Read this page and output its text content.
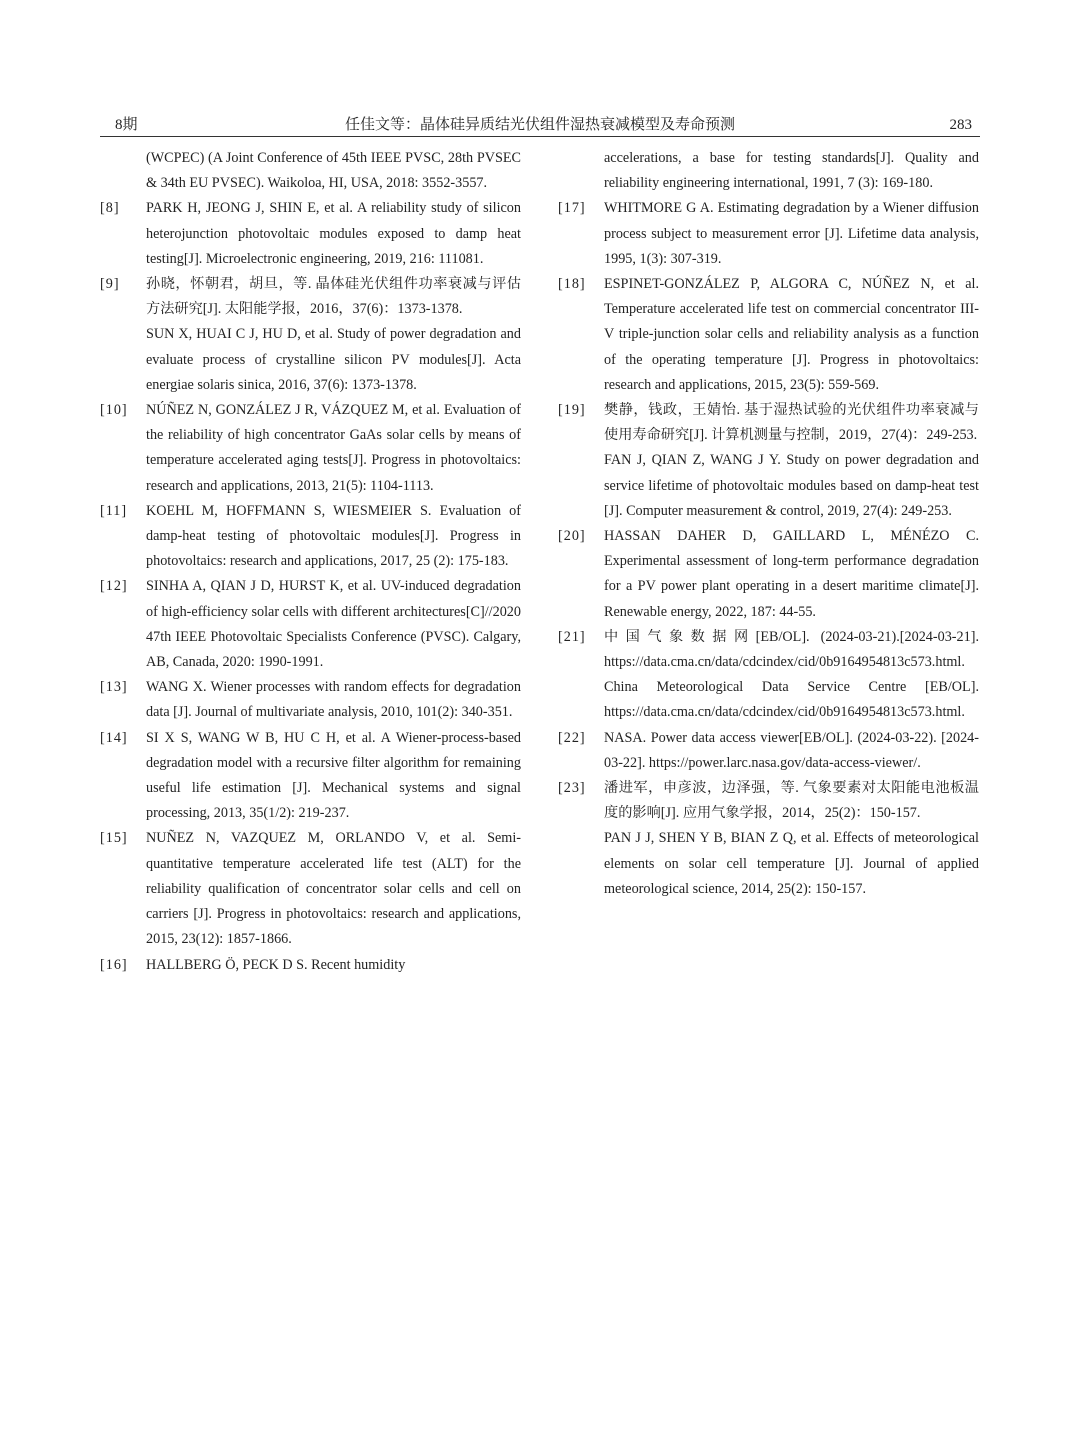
8期	任佳文等：晶体硅异质结光伏组件湿热衰减模型及寿命预测	283

(WCPEC) (A Joint Conference of 45th IEEE PVSC, 28th PVSEC & 34th EU PVSEC). Waikoloa, HI, USA, 2018: 3552-3557.

[8]	PARK H, JEONG J, SHIN E, et al. A reliability study of silicon heterojunction photovoltaic modules exposed to damp heat testing[J]. Microelectronic engineering, 2019, 216: 111081.

[9]	孙晓，怀朝君，胡旦，等. 晶体硅光伏组件功率衰减与评估方法研究[J]. 太阳能学报，2016，37(6)：1373-1378.

SUN X, HUAI C J, HU D, et al. Study of power degradation and evaluate process of crystalline silicon PV modules[J]. Acta energiae solaris sinica, 2016, 37(6): 1373-1378.

[10]	NÚÑEZ N, GONZÁLEZ J R, VÁZQUEZ M, et al. Evaluation of the reliability of high concentrator GaAs solar cells by means of temperature accelerated aging tests[J]. Progress in photovoltaics: research and applications, 2013, 21(5): 1104-1113.

[11]	KOEHL M, HOFFMANN S, WIESMEIER S. Evaluation of damp-heat testing of photovoltaic modules[J]. Progress in photovoltaics: research and applications, 2017, 25 (2): 175-183.

[12]	SINHA A, QIAN J D, HURST K, et al. UV-induced degradation of high-efficiency solar cells with different architectures[C]//2020 47th IEEE Photovoltaic Specialists Conference (PVSC). Calgary, AB, Canada, 2020: 1990-1991.

[13]	WANG X. Wiener processes with random effects for degradation data [J]. Journal of multivariate analysis, 2010, 101(2): 340-351.

[14]	SI X S, WANG W B, HU C H, et al. A Wiener-process-based degradation model with a recursive filter algorithm for remaining useful life estimation [J]. Mechanical systems and signal processing, 2013, 35(1/2): 219-237.

[15]	NUÑEZ N, VAZQUEZ M, ORLANDO V, et al. Semi-quantitative temperature accelerated life test (ALT) for the reliability qualification of concentrator solar cells and cell on carriers [J]. Progress in photovoltaics: research and applications, 2015, 23(12): 1857-1866.

[16]	HALLBERG Ö, PECK D S. Recent humidity

accelerations, a base for testing standards[J]. Quality and reliability engineering international, 1991, 7 (3): 169-180.

[17]	WHITMORE G A. Estimating degradation by a Wiener diffusion process subject to measurement error [J]. Lifetime data analysis, 1995, 1(3): 307-319.

[18]	ESPINET-GONZÁLEZ P, ALGORA C, NÚÑEZ N, et al. Temperature accelerated life test on commercial concentrator III-V triple-junction solar cells and reliability analysis as a function of the operating temperature [J]. Progress in photovoltaics: research and applications, 2015, 23(5): 559-569.

[19]	樊静，钱政，王婧怡. 基于湿热试验的光伏组件功率衰减与使用寿命研究[J]. 计算机测量与控制，2019，27(4)：249-253.

FAN J, QIAN Z, WANG J Y. Study on power degradation and service lifetime of photovoltaic modules based on damp-heat test [J]. Computer measurement & control, 2019, 27(4): 249-253.

[20]	HASSAN DAHER D, GAILLARD L, MÉNÉZO C. Experimental assessment of long-term performance degradation for a PV power plant operating in a desert maritime climate[J]. Renewable energy, 2022, 187: 44-55.

[21]	中国气象数据网[EB/OL]. (2024-03-21).[2024-03-21]. https://data.cma.cn/data/cdcindex/cid/0b9164954813c573.html.

China Meteorological Data Service Centre [EB/OL]. https://data.cma.cn/data/cdcindex/cid/0b9164954813c573.html.

[22]	NASA. Power data access viewer[EB/OL]. (2024-03-22). [2024-03-22]. https://power.larc.nasa.gov/data-access-viewer/.

[23]	潘进军，申彦波，边泽强，等. 气象要素对太阳能电池板温度的影响[J]. 应用气象学报，2014，25(2)：150-157.

PAN J J, SHEN Y B, BIAN Z Q, et al. Effects of meteorological elements on solar cell temperature [J]. Journal of applied meteorological science, 2014, 25(2): 150-157.
